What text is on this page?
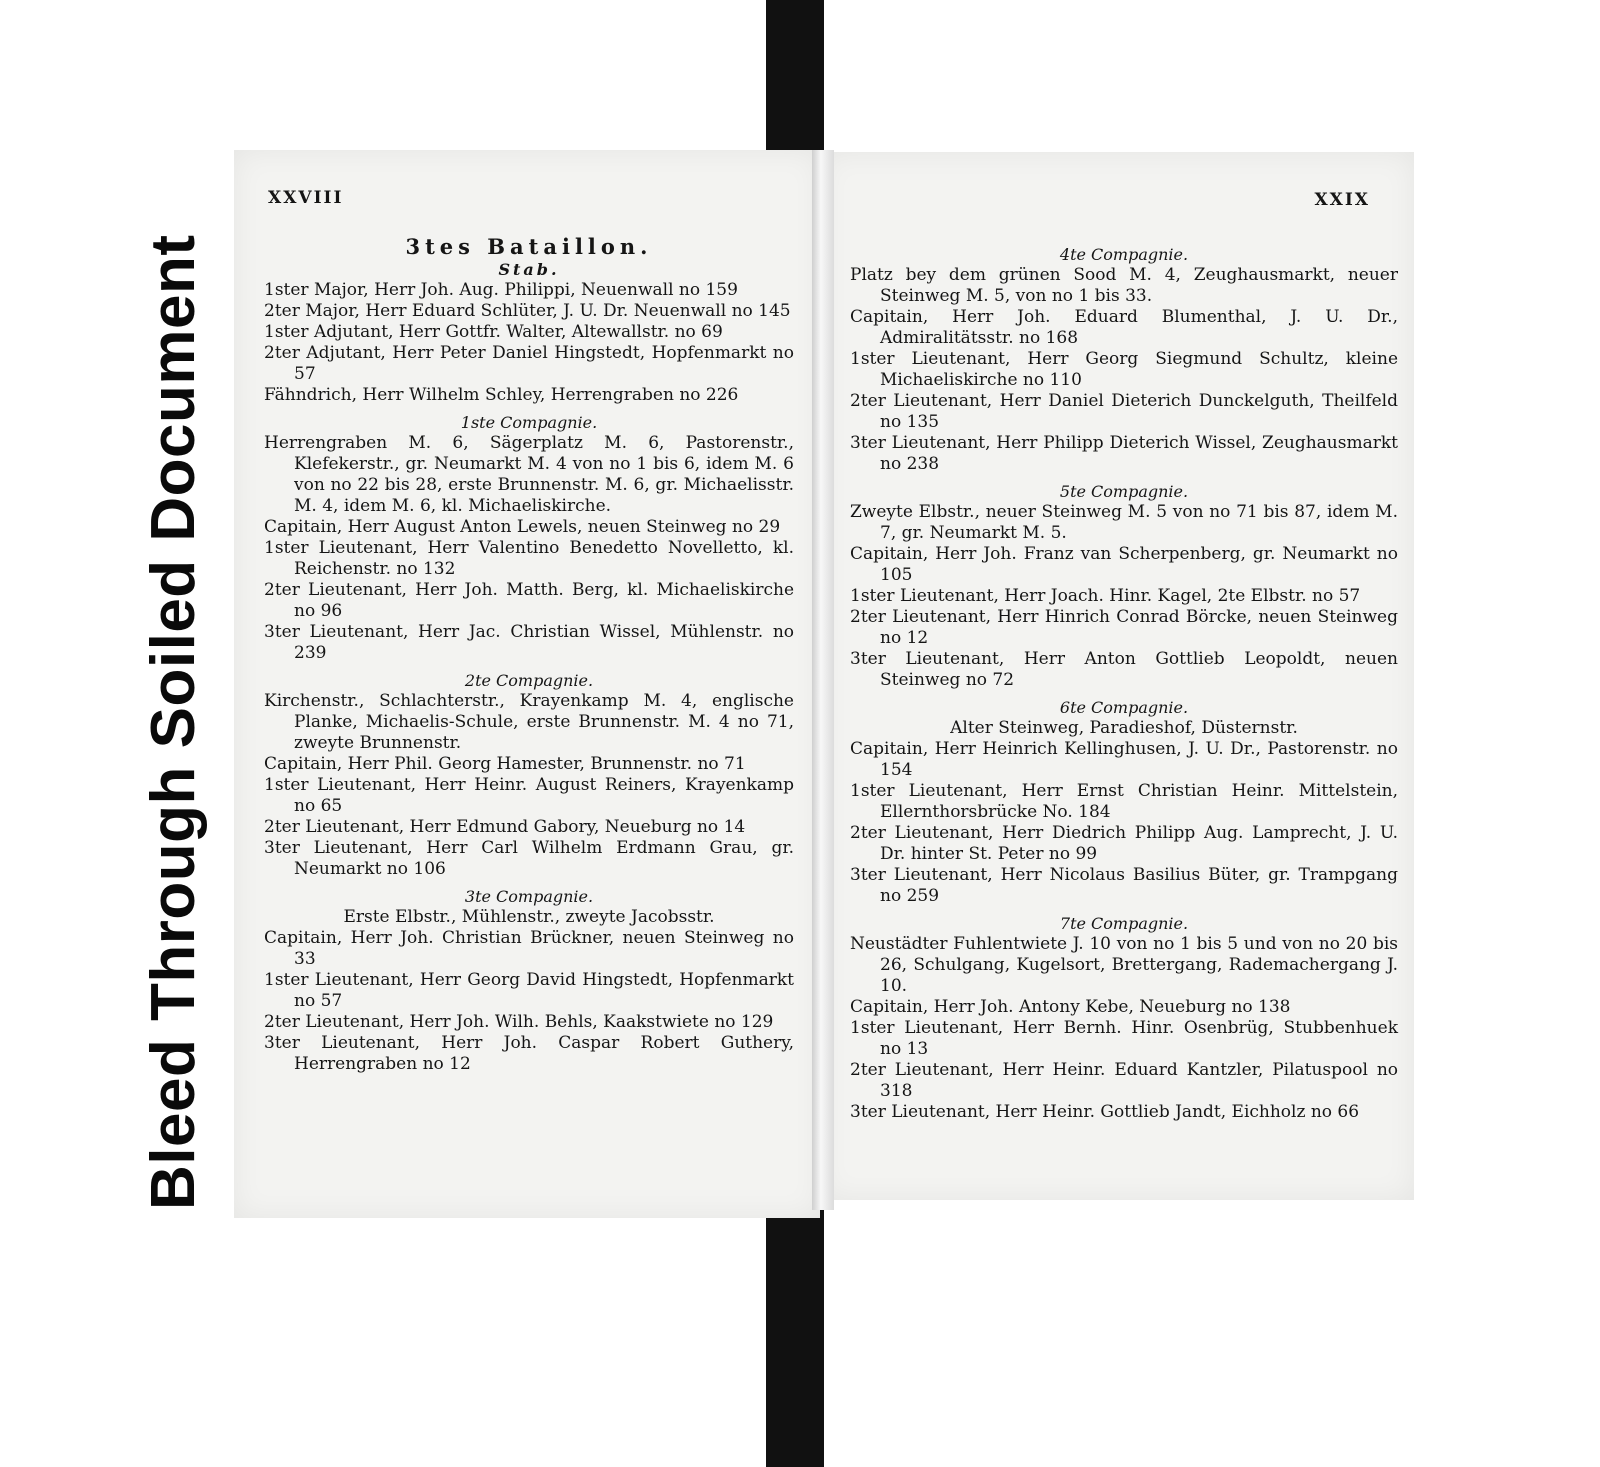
Bleed Through Soiled Document
XXVIII
3tes Bataillon.
Stab.

1ster Major, Herr Joh. Aug. Philippi, Neuenwall no 159

2ter Major, Herr Eduard Schlüter, J. U. Dr. Neuenwall no 145

1ster Adjutant, Herr Gottfr. Walter, Altewallstr. no 69

2ter Adjutant, Herr Peter Daniel Hingstedt, Hopfenmarkt no 57

Fähndrich, Herr Wilhelm Schley, Herrengraben no 226

1ste Compagnie.

Herrengraben M. 6, Sägerplatz M. 6, Pastorenstr., Klefekerstr., gr. Neumarkt M. 4 von no 1 bis 6, idem M. 6 von no 22 bis 28, erste Brunnenstr. M. 6, gr. Michaelisstr. M. 4, idem M. 6, kl. Michaeliskirche.

Capitain, Herr August Anton Lewels, neuen Steinweg no 29

1ster Lieutenant, Herr Valentino Benedetto Novelletto, kl. Reichenstr. no 132

2ter Lieutenant, Herr Joh. Matth. Berg, kl. Michaeliskirche no 96

3ter Lieutenant, Herr Jac. Christian Wissel, Mühlenstr. no 239

2te Compagnie.

Kirchenstr., Schlachterstr., Krayenkamp M. 4, englische Planke, Michaelis-Schule, erste Brunnenstr. M. 4 no 71, zweyte Brunnenstr.

Capitain, Herr Phil. Georg Hamester, Brunnenstr. no 71

1ster Lieutenant, Herr Heinr. August Reiners, Krayenkamp no 65

2ter Lieutenant, Herr Edmund Gabory, Neueburg no 14

3ter Lieutenant, Herr Carl Wilhelm Erdmann Grau, gr. Neumarkt no 106

3te Compagnie.

Erste Elbstr., Mühlenstr., zweyte Jacobsstr.

Capitain, Herr Joh. Christian Brückner, neuen Steinweg no 33

1ster Lieutenant, Herr Georg David Hingstedt, Hopfenmarkt no 57

2ter Lieutenant, Herr Joh. Wilh. Behls, Kaakstwiete no 129

3ter Lieutenant, Herr Joh. Caspar Robert Guthery, Herrengraben no 12

XXIX
4te Compagnie.

Platz bey dem grünen Sood M. 4, Zeughausmarkt, neuer Steinweg M. 5, von no 1 bis 33.

Capitain, Herr Joh. Eduard Blumenthal, J. U. Dr., Admiralitätsstr. no 168

1ster Lieutenant, Herr Georg Siegmund Schultz, kleine Michaeliskirche no 110

2ter Lieutenant, Herr Daniel Dieterich Dunckelguth, Theilfeld no 135

3ter Lieutenant, Herr Philipp Dieterich Wissel, Zeughausmarkt no 238

5te Compagnie.

Zweyte Elbstr., neuer Steinweg M. 5 von no 71 bis 87, idem M. 7, gr. Neumarkt M. 5.

Capitain, Herr Joh. Franz van Scherpenberg, gr. Neumarkt no 105

1ster Lieutenant, Herr Joach. Hinr. Kagel, 2te Elbstr. no 57

2ter Lieutenant, Herr Hinrich Conrad Börcke, neuen Steinweg no 12

3ter Lieutenant, Herr Anton Gottlieb Leopoldt, neuen Steinweg no 72

6te Compagnie.

Alter Steinweg, Paradieshof, Düsternstr.

Capitain, Herr Heinrich Kellinghusen, J. U. Dr., Pastorenstr. no 154

1ster Lieutenant, Herr Ernst Christian Heinr. Mittelstein, Ellernthorsbrücke No. 184

2ter Lieutenant, Herr Diedrich Philipp Aug. Lamprecht, J. U. Dr. hinter St. Peter no 99

3ter Lieutenant, Herr Nicolaus Basilius Büter, gr. Trampgang no 259

7te Compagnie.

Neustädter Fuhlentwiete J. 10 von no 1 bis 5 und von no 20 bis 26, Schulgang, Kugelsort, Brettergang, Rademachergang J. 10.

Capitain, Herr Joh. Antony Kebe, Neueburg no 138

1ster Lieutenant, Herr Bernh. Hinr. Osenbrüg, Stubbenhuek no 13

2ter Lieutenant, Herr Heinr. Eduard Kantzler, Pilatuspool no 318

3ter Lieutenant, Herr Heinr. Gottlieb Jandt, Eichholz no 66
